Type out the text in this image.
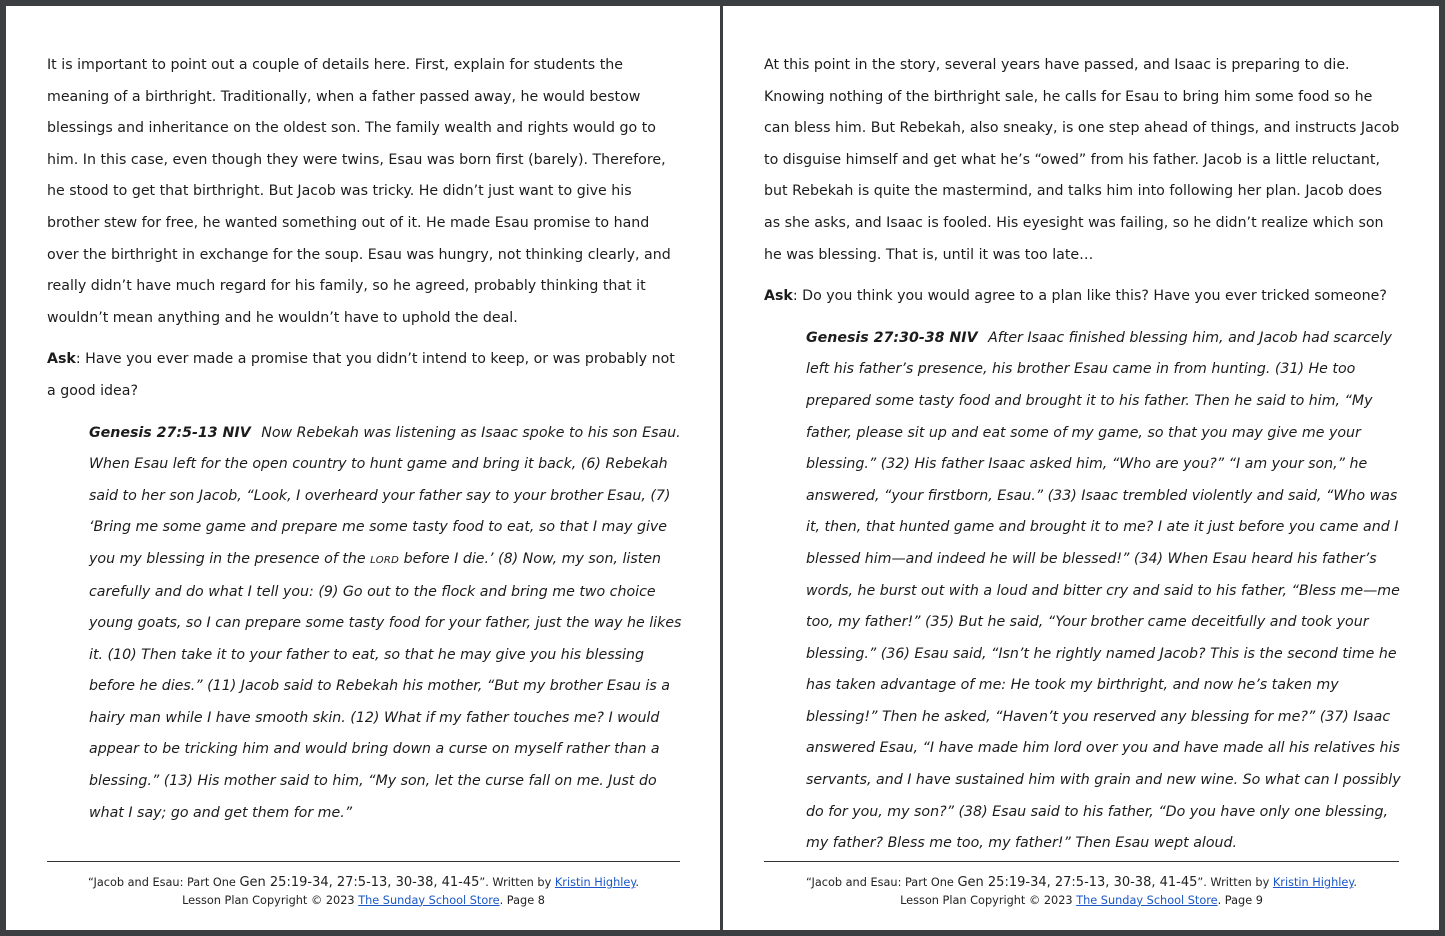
It is important to point out a couple of details here. First, explain for students the meaning of a birthright. Traditionally, when a father passed away, he would bestow blessings and inheritance on the oldest son. The family wealth and rights would go to him. In this case, even though they were twins, Esau was born first (barely). Therefore, he stood to get that birthright. But Jacob was tricky. He didn’t just want to give his brother stew for free, he wanted something out of it. He made Esau promise to hand over the birthright in exchange for the soup. Esau was hungry, not thinking clearly, and really didn’t have much regard for his family, so he agreed, probably thinking that it wouldn’t mean anything and he wouldn’t have to uphold the deal.

Ask: Have you ever made a promise that you didn’t intend to keep, or was probably not a good idea?

Genesis 27:5-13 NIV Now Rebekah was listening as Isaac spoke to his son Esau. When Esau left for the open country to hunt game and bring it back, (6) Rebekah said to her son Jacob, “Look, I overheard your father say to your brother Esau, (7) ‘Bring me some game and prepare me some tasty food to eat, so that I may give you my blessing in the presence of the LORD before I die.’ (8) Now, my son, listen carefully and do what I tell you: (9) Go out to the flock and bring me two choice young goats, so I can prepare some tasty food for your father, just the way he likes it. (10) Then take it to your father to eat, so that he may give you his blessing before he dies.” (11) Jacob said to Rebekah his mother, “But my brother Esau is a hairy man while I have smooth skin. (12) What if my father touches me? I would appear to be tricking him and would bring down a curse on myself rather than a blessing.” (13) His mother said to him, “My son, let the curse fall on me. Just do what I say; go and get them for me.”

“Jacob and Esau: Part One Gen 25:19-34, 27:5-13, 30-38, 41-45”. Written by Kristin Highley.
Lesson Plan Copyright © 2023 The Sunday School Store. Page 8

At this point in the story, several years have passed, and Isaac is preparing to die. Knowing nothing of the birthright sale, he calls for Esau to bring him some food so he can bless him. But Rebekah, also sneaky, is one step ahead of things, and instructs Jacob to disguise himself and get what he’s “owed” from his father. Jacob is a little reluctant, but Rebekah is quite the mastermind, and talks him into following her plan. Jacob does as she asks, and Isaac is fooled. His eyesight was failing, so he didn’t realize which son he was blessing. That is, until it was too late…

Ask: Do you think you would agree to a plan like this? Have you ever tricked someone?

Genesis 27:30-38 NIV After Isaac finished blessing him, and Jacob had scarcely left his father’s presence, his brother Esau came in from hunting. (31) He too prepared some tasty food and brought it to his father. Then he said to him, “My father, please sit up and eat some of my game, so that you may give me your blessing.” (32) His father Isaac asked him, “Who are you?” “I am your son,” he answered, “your firstborn, Esau.” (33) Isaac trembled violently and said, “Who was it, then, that hunted game and brought it to me? I ate it just before you came and I blessed him—and indeed he will be blessed!” (34) When Esau heard his father’s words, he burst out with a loud and bitter cry and said to his father, “Bless me—me too, my father!” (35) But he said, “Your brother came deceitfully and took your blessing.” (36) Esau said, “Isn’t he rightly named Jacob? This is the second time he has taken advantage of me: He took my birthright, and now he’s taken my blessing!” Then he asked, “Haven’t you reserved any blessing for me?” (37) Isaac answered Esau, “I have made him lord over you and have made all his relatives his servants, and I have sustained him with grain and new wine. So what can I possibly do for you, my son?” (38) Esau said to his father, “Do you have only one blessing, my father? Bless me too, my father!” Then Esau wept aloud.

“Jacob and Esau: Part One Gen 25:19-34, 27:5-13, 30-38, 41-45”. Written by Kristin Highley.
Lesson Plan Copyright © 2023 The Sunday School Store. Page 9
